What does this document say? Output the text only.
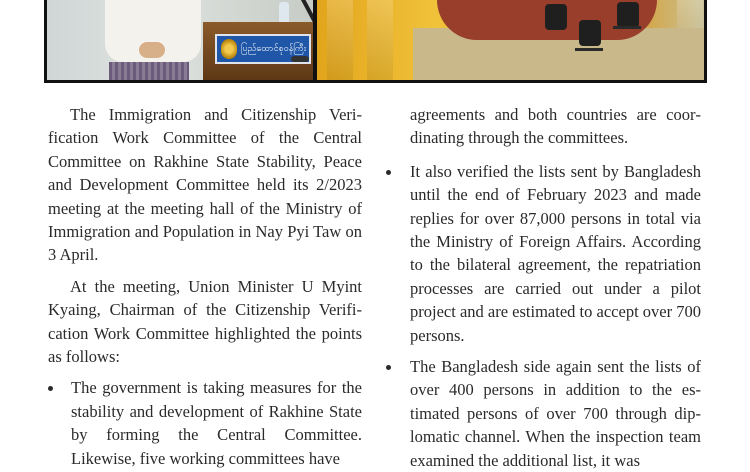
ပြည်ထောင်စုဝန်ကြီး

The Immigration and Citizenship Verification Work Committee of the Central Committee on Rakhine State Stability, Peace and Development Committee held its 2/2023 meeting at the meeting hall of the Ministry of Immigration and Population in Nay Pyi Taw on 3 April.

At the meeting, Union Minister U Myint Kyaing, Chairman of the Citizenship Verification Work Committee highlighted the points as follows:

The government is taking measures for the stability and development of Rakhine State by forming the Central Committee. Likewise, five working committees have

agreements and both countries are coordinating through the committees.

It also verified the lists sent by Bangladesh until the end of February 2023 and made replies for over 87,000 persons in total via the Ministry of Foreign Affairs. According to the bilateral agreement, the repatriation processes are carried out under a pilot project and are estimated to accept over 700 persons.
The Bangladesh side again sent the lists of over 400 persons in addition to the estimated persons of over 700 through diplomatic channel. When the inspection team examined the additional list, it was
